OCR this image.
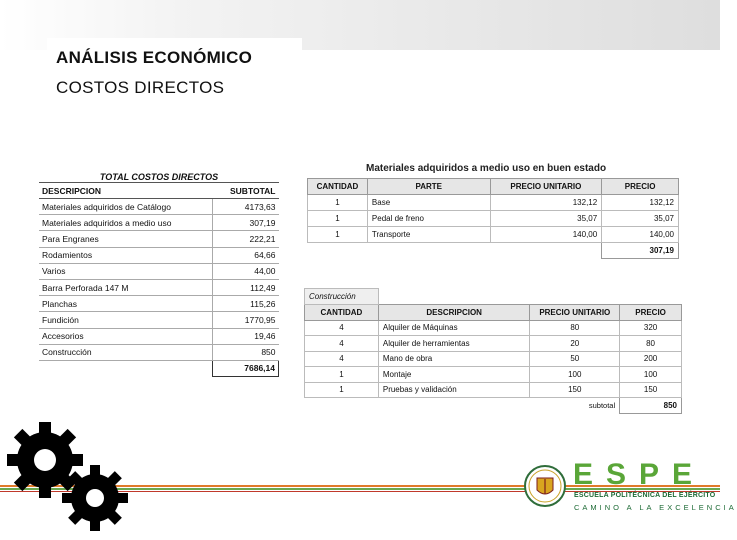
ANÁLISIS ECONÓMICO
COSTOS DIRECTOS
TOTAL COSTOS DIRECTOS
DESCRIPCION	SUBTOTAL
Materiales adquiridos de Catálogo	4173,63
Materiales adquiridos a medio uso	307,19
Para Engranes	222,21
Rodamientos	64,66
Varios	44,00
Barra Perforada 147 M	112,49
Planchas	115,26
Fundición	1770,95
Accesorios	19,46
Construcción	850
	7686,14
Materiales adquiridos a medio uso en buen estado
CANTIDAD	PARTE	PRECIO UNITARIO	PRECIO
1	Base	132,12	132,12
1	Pedal de freno	35,07	35,07
1	Transporte	140,00	140,00
			307,19
Construcción			
CANTIDAD	DESCRIPCION	PRECIO UNITARIO	PRECIO
4	Alquiler de Máquinas	80	320
4	Alquiler de herramientas	20	80
4	Mano de obra	50	200
1	Montaje	100	100
1	Pruebas y validación	150	150
		subtotal	850
ESPE
ESCUELA POLITÉCNICA DEL EJÉRCITO
CAMINO A LA EXCELENCIA
